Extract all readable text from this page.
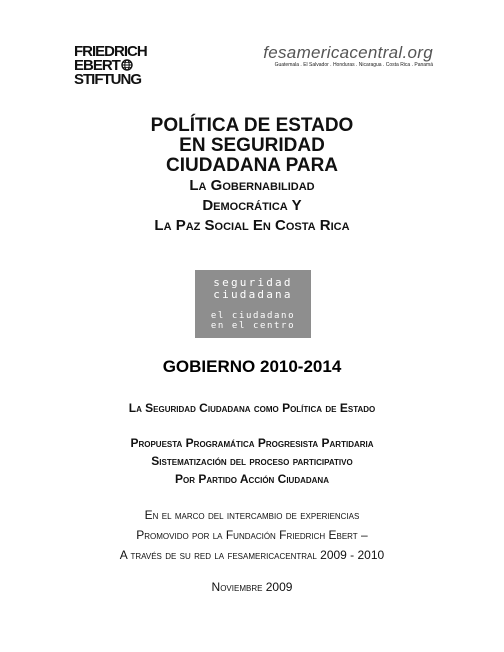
FRIEDRICH
EBERT
STIFTUNG
fesamericacentral.org
Guatemala . El Salvador . Honduras . Nicaragua . Costa Rica . Panamá
POLÍTICA DE ESTADO
EN SEGURIDAD
CIUDADANA PARA
La Gobernabilidad
Democrática Y
La Paz Social En Costa Rica
seguridad
ciudadana
el ciudadano
en el centro
GOBIERNO 2010-2014
La Seguridad Ciudadana como Política de Estado
Propuesta Programática Progresista Partidaria
Sistematización del proceso participativo
Por Partido Acción Ciudadana
En el marco del intercambio de experiencias
Promovido por la Fundación Friedrich Ebert –
A través de su red la fesamericacentral 2009 - 2010
Noviembre 2009
